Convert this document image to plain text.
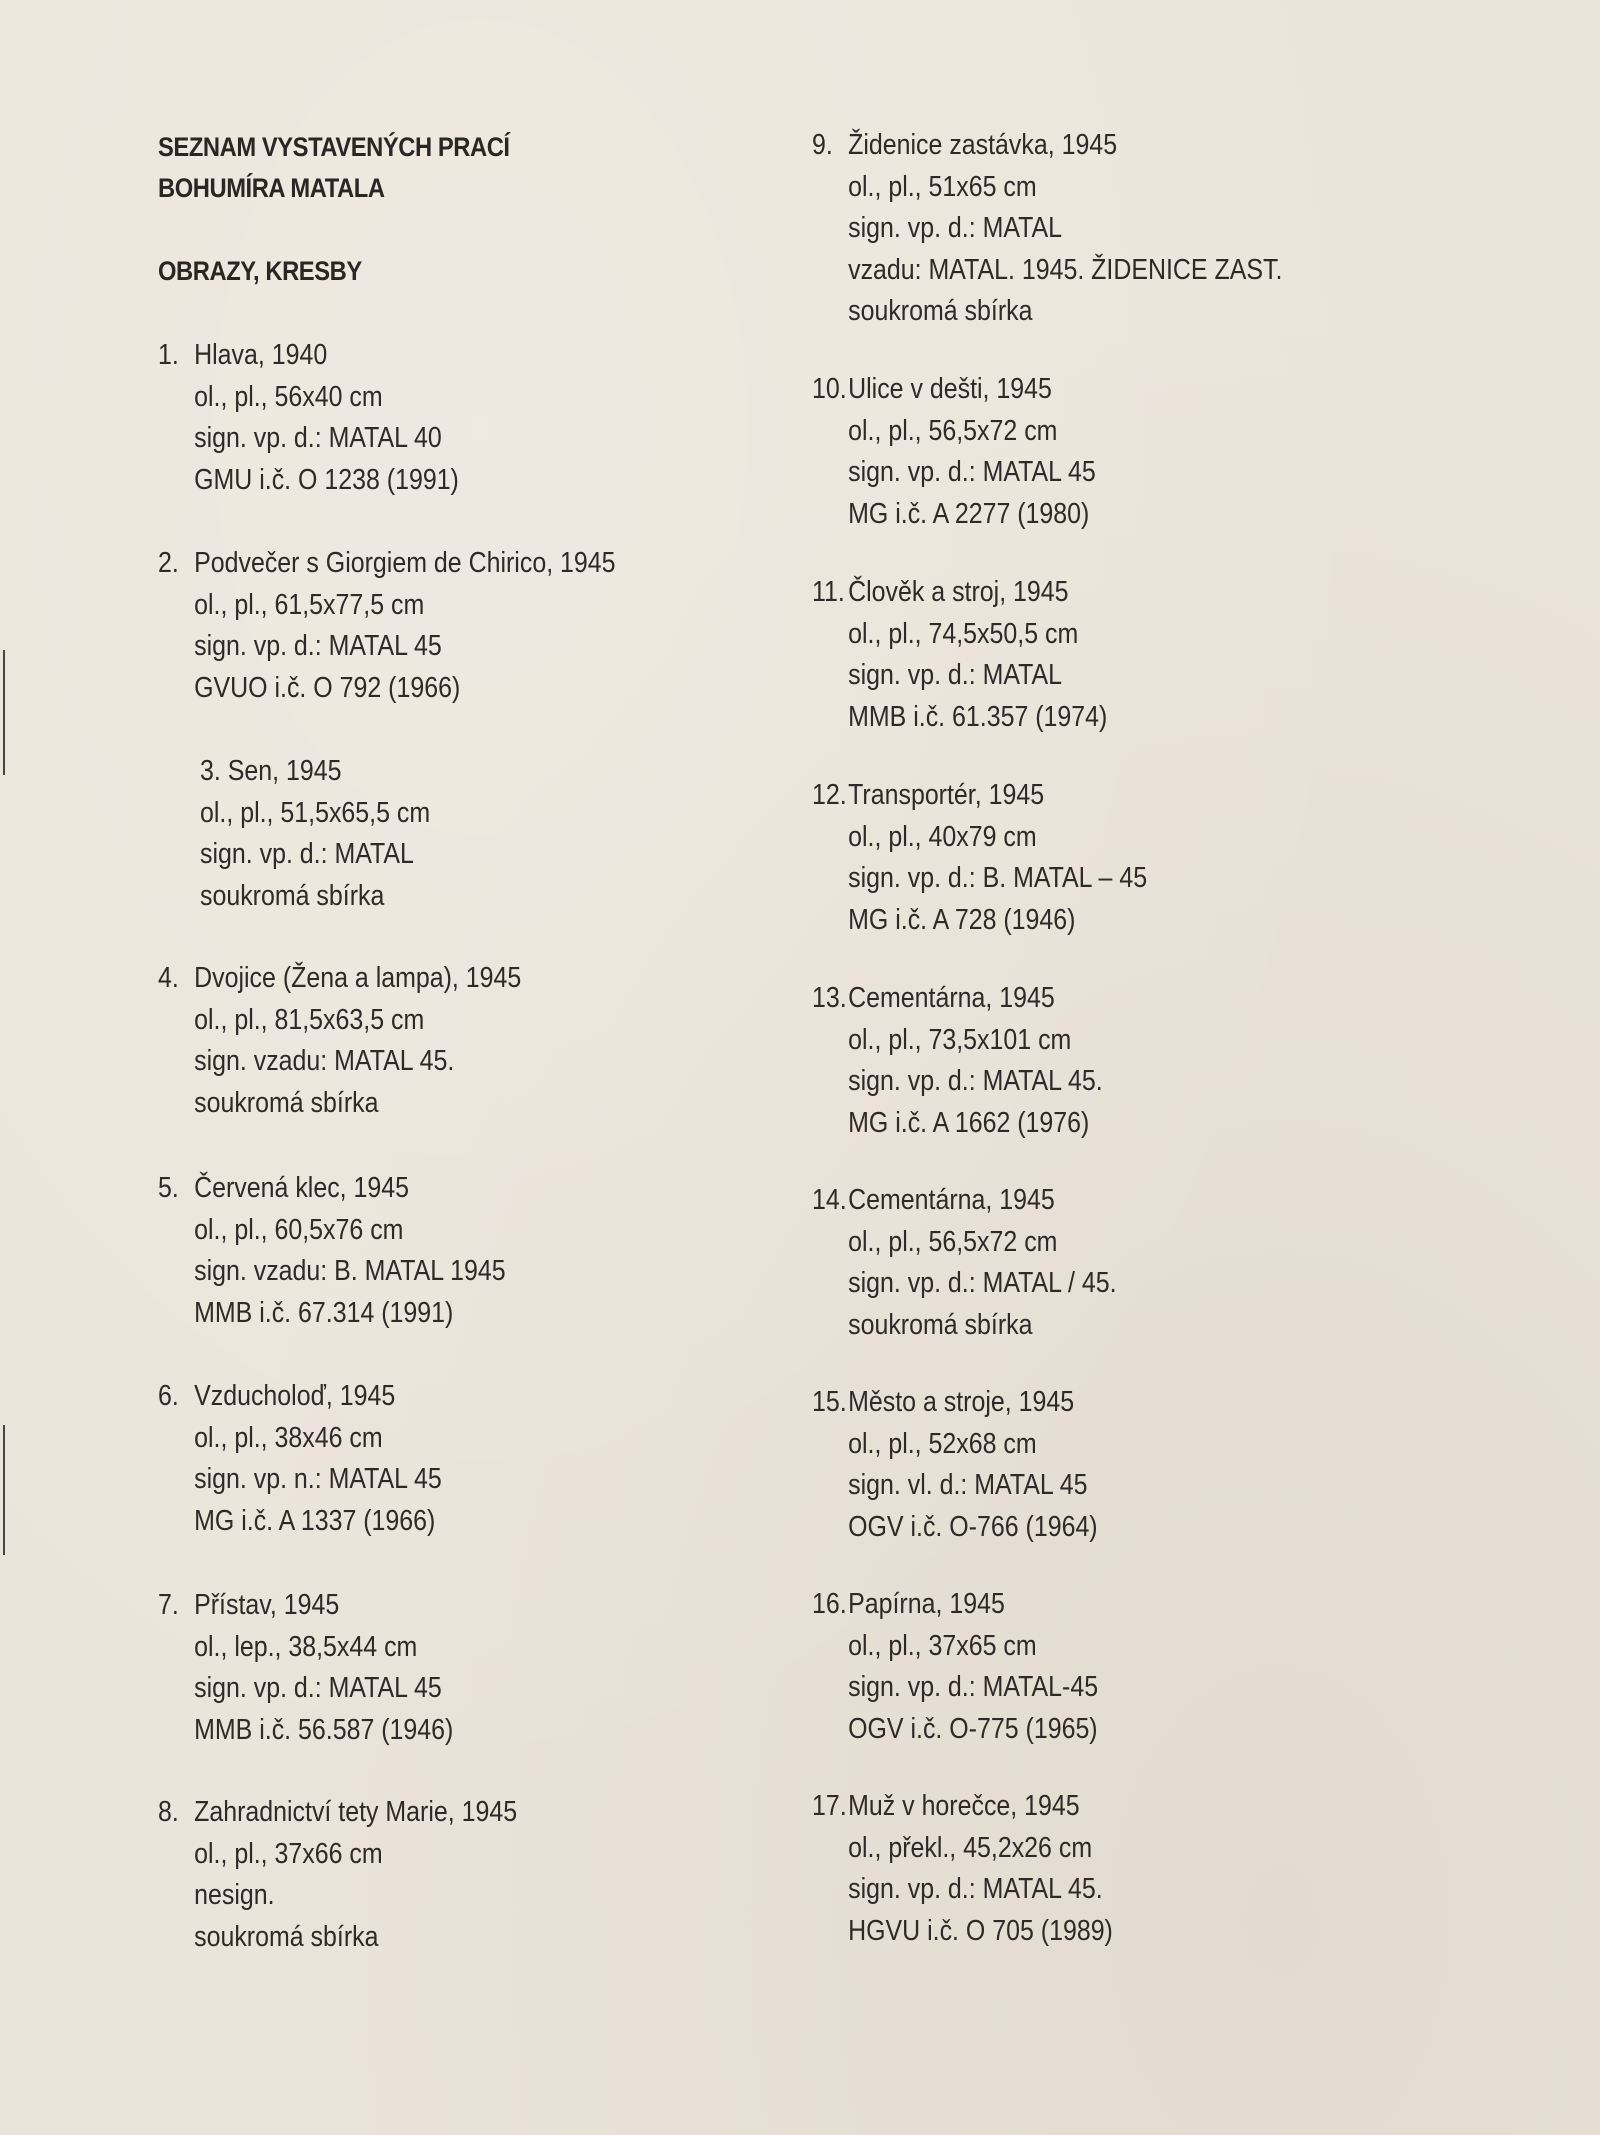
SEZNAM VYSTAVENÝCH PRACÍ
BOHUMÍRA MATALA
OBRAZY, KRESBY
1. Hlava, 1940
ol., pl., 56x40 cm
sign. vp. d.: MATAL 40
GMU i.č. O 1238 (1991)
2. Podvečer s Giorgiem de Chirico, 1945
ol., pl., 61,5x77,5 cm
sign. vp. d.: MATAL 45
GVUO i.č. O 792 (1966)
3. Sen, 1945
ol., pl., 51,5x65,5 cm
sign. vp. d.: MATAL
soukromá sbírka
4. Dvojice (Žena a lampa), 1945
ol., pl., 81,5x63,5 cm
sign. vzadu: MATAL 45.
soukromá sbírka
5. Červená klec, 1945
ol., pl., 60,5x76 cm
sign. vzadu: B. MATAL 1945
MMB i.č. 67.314 (1991)
6. Vzducholoď, 1945
ol., pl., 38x46 cm
sign. vp. n.: MATAL 45
MG i.č. A 1337 (1966)
7. Přístav, 1945
ol., lep., 38,5x44 cm
sign. vp. d.: MATAL 45
MMB i.č. 56.587 (1946)
8. Zahradnictví tety Marie, 1945
ol., pl., 37x66 cm
nesign.
soukromá sbírka
9. Židenice zastávka, 1945
ol., pl., 51x65 cm
sign. vp. d.: MATAL
vzadu: MATAL. 1945. ŽIDENICE ZAST.
soukromá sbírka
10. Ulice v dešti, 1945
ol., pl., 56,5x72 cm
sign. vp. d.: MATAL 45
MG i.č. A 2277 (1980)
11. Člověk a stroj, 1945
ol., pl., 74,5x50,5 cm
sign. vp. d.: MATAL
MMB i.č. 61.357 (1974)
12. Transportér, 1945
ol., pl., 40x79 cm
sign. vp. d.: B. MATAL – 45
MG i.č. A 728 (1946)
13. Cementárna, 1945
ol., pl., 73,5x101 cm
sign. vp. d.: MATAL 45.
MG i.č. A 1662 (1976)
14. Cementárna, 1945
ol., pl., 56,5x72 cm
sign. vp. d.: MATAL / 45.
soukromá sbírka
15. Město a stroje, 1945
ol., pl., 52x68 cm
sign. vl. d.: MATAL 45
OGV i.č. O-766 (1964)
16. Papírna, 1945
ol., pl., 37x65 cm
sign. vp. d.: MATAL-45
OGV i.č. O-775 (1965)
17. Muž v horečce, 1945
ol., překl., 45,2x26 cm
sign. vp. d.: MATAL 45.
HGVU i.č. O 705 (1989)
